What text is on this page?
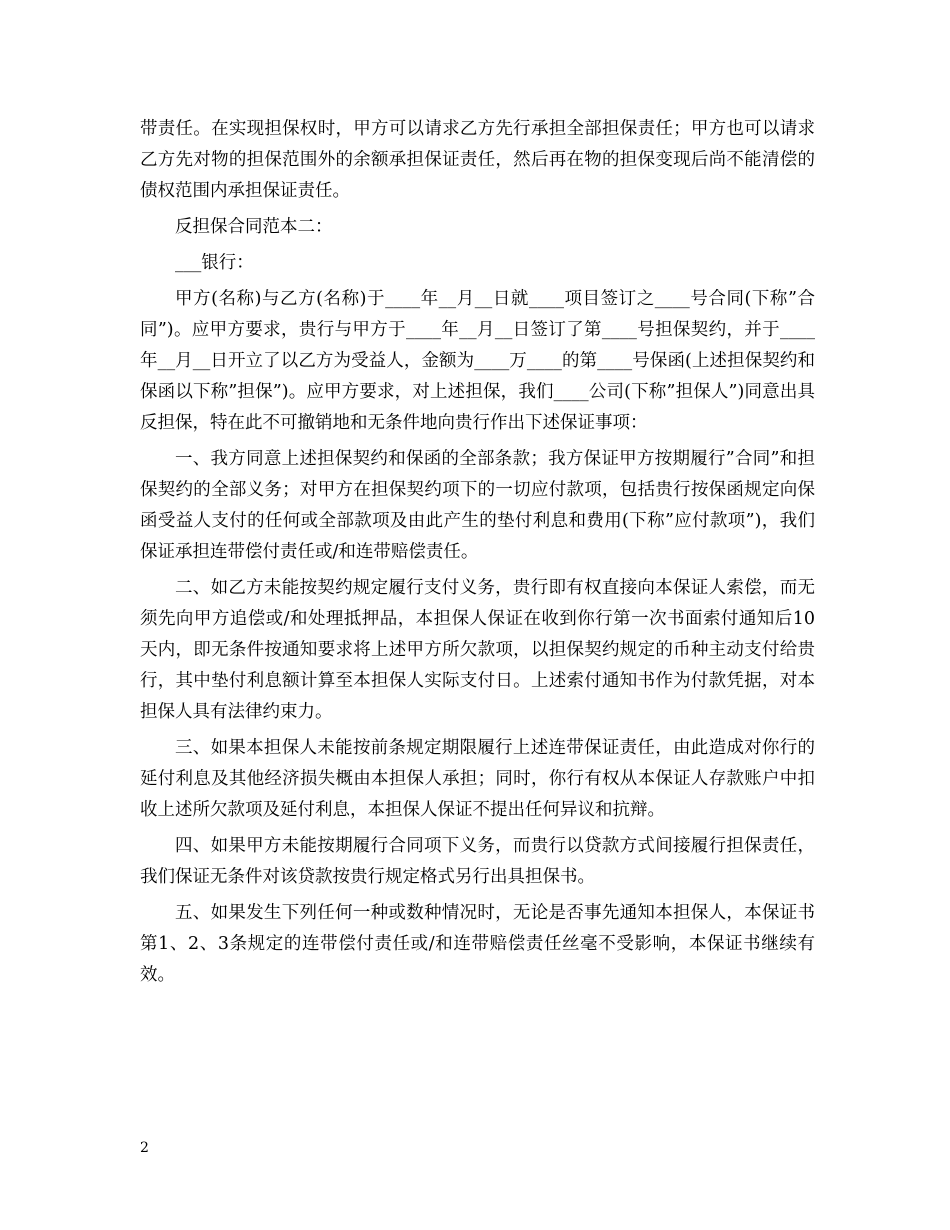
带责任。在实现担保权时，甲方可以请求乙方先行承担全部担保责任；甲方也可以请求乙方先对物的担保范围外的余额承担保证责任，然后再在物的担保变现后尚不能清偿的债权范围内承担保证责任。

反担保合同范本二：

___银行：

甲方(名称)与乙方(名称)于____年__月__日就____项目签订之____号合同(下称”合同”)。应甲方要求，贵行与甲方于____年__月__日签订了第____号担保契约，并于____年__月__日开立了以乙方为受益人，金额为____万____的第____号保函(上述担保契约和保函以下称”担保”)。应甲方要求，对上述担保，我们____公司(下称”担保人”)同意出具反担保，特在此不可撤销地和无条件地向贵行作出下述保证事项：

一、我方同意上述担保契约和保函的全部条款；我方保证甲方按期履行”合同”和担保契约的全部义务；对甲方在担保契约项下的一切应付款项，包括贵行按保函规定向保函受益人支付的任何或全部款项及由此产生的垫付利息和费用(下称”应付款项”)，我们保证承担连带偿付责任或/和连带赔偿责任。

二、如乙方未能按契约规定履行支付义务，贵行即有权直接向本保证人索偿，而无须先向甲方追偿或/和处理抵押品，本担保人保证在收到你行第一次书面索付通知后10天内，即无条件按通知要求将上述甲方所欠款项，以担保契约规定的币种主动支付给贵行，其中垫付利息额计算至本担保人实际支付日。上述索付通知书作为付款凭据，对本担保人具有法律约束力。

三、如果本担保人未能按前条规定期限履行上述连带保证责任，由此造成对你行的延付利息及其他经济损失概由本担保人承担；同时，你行有权从本保证人存款账户中扣收上述所欠款项及延付利息，本担保人保证不提出任何异议和抗辩。

四、如果甲方未能按期履行合同项下义务，而贵行以贷款方式间接履行担保责任，我们保证无条件对该贷款按贵行规定格式另行出具担保书。

五、如果发生下列任何一种或数种情况时，无论是否事先通知本担保人，本保证书第1、2、3条规定的连带偿付责任或/和连带赔偿责任丝毫不受影响，本保证书继续有效。

2
